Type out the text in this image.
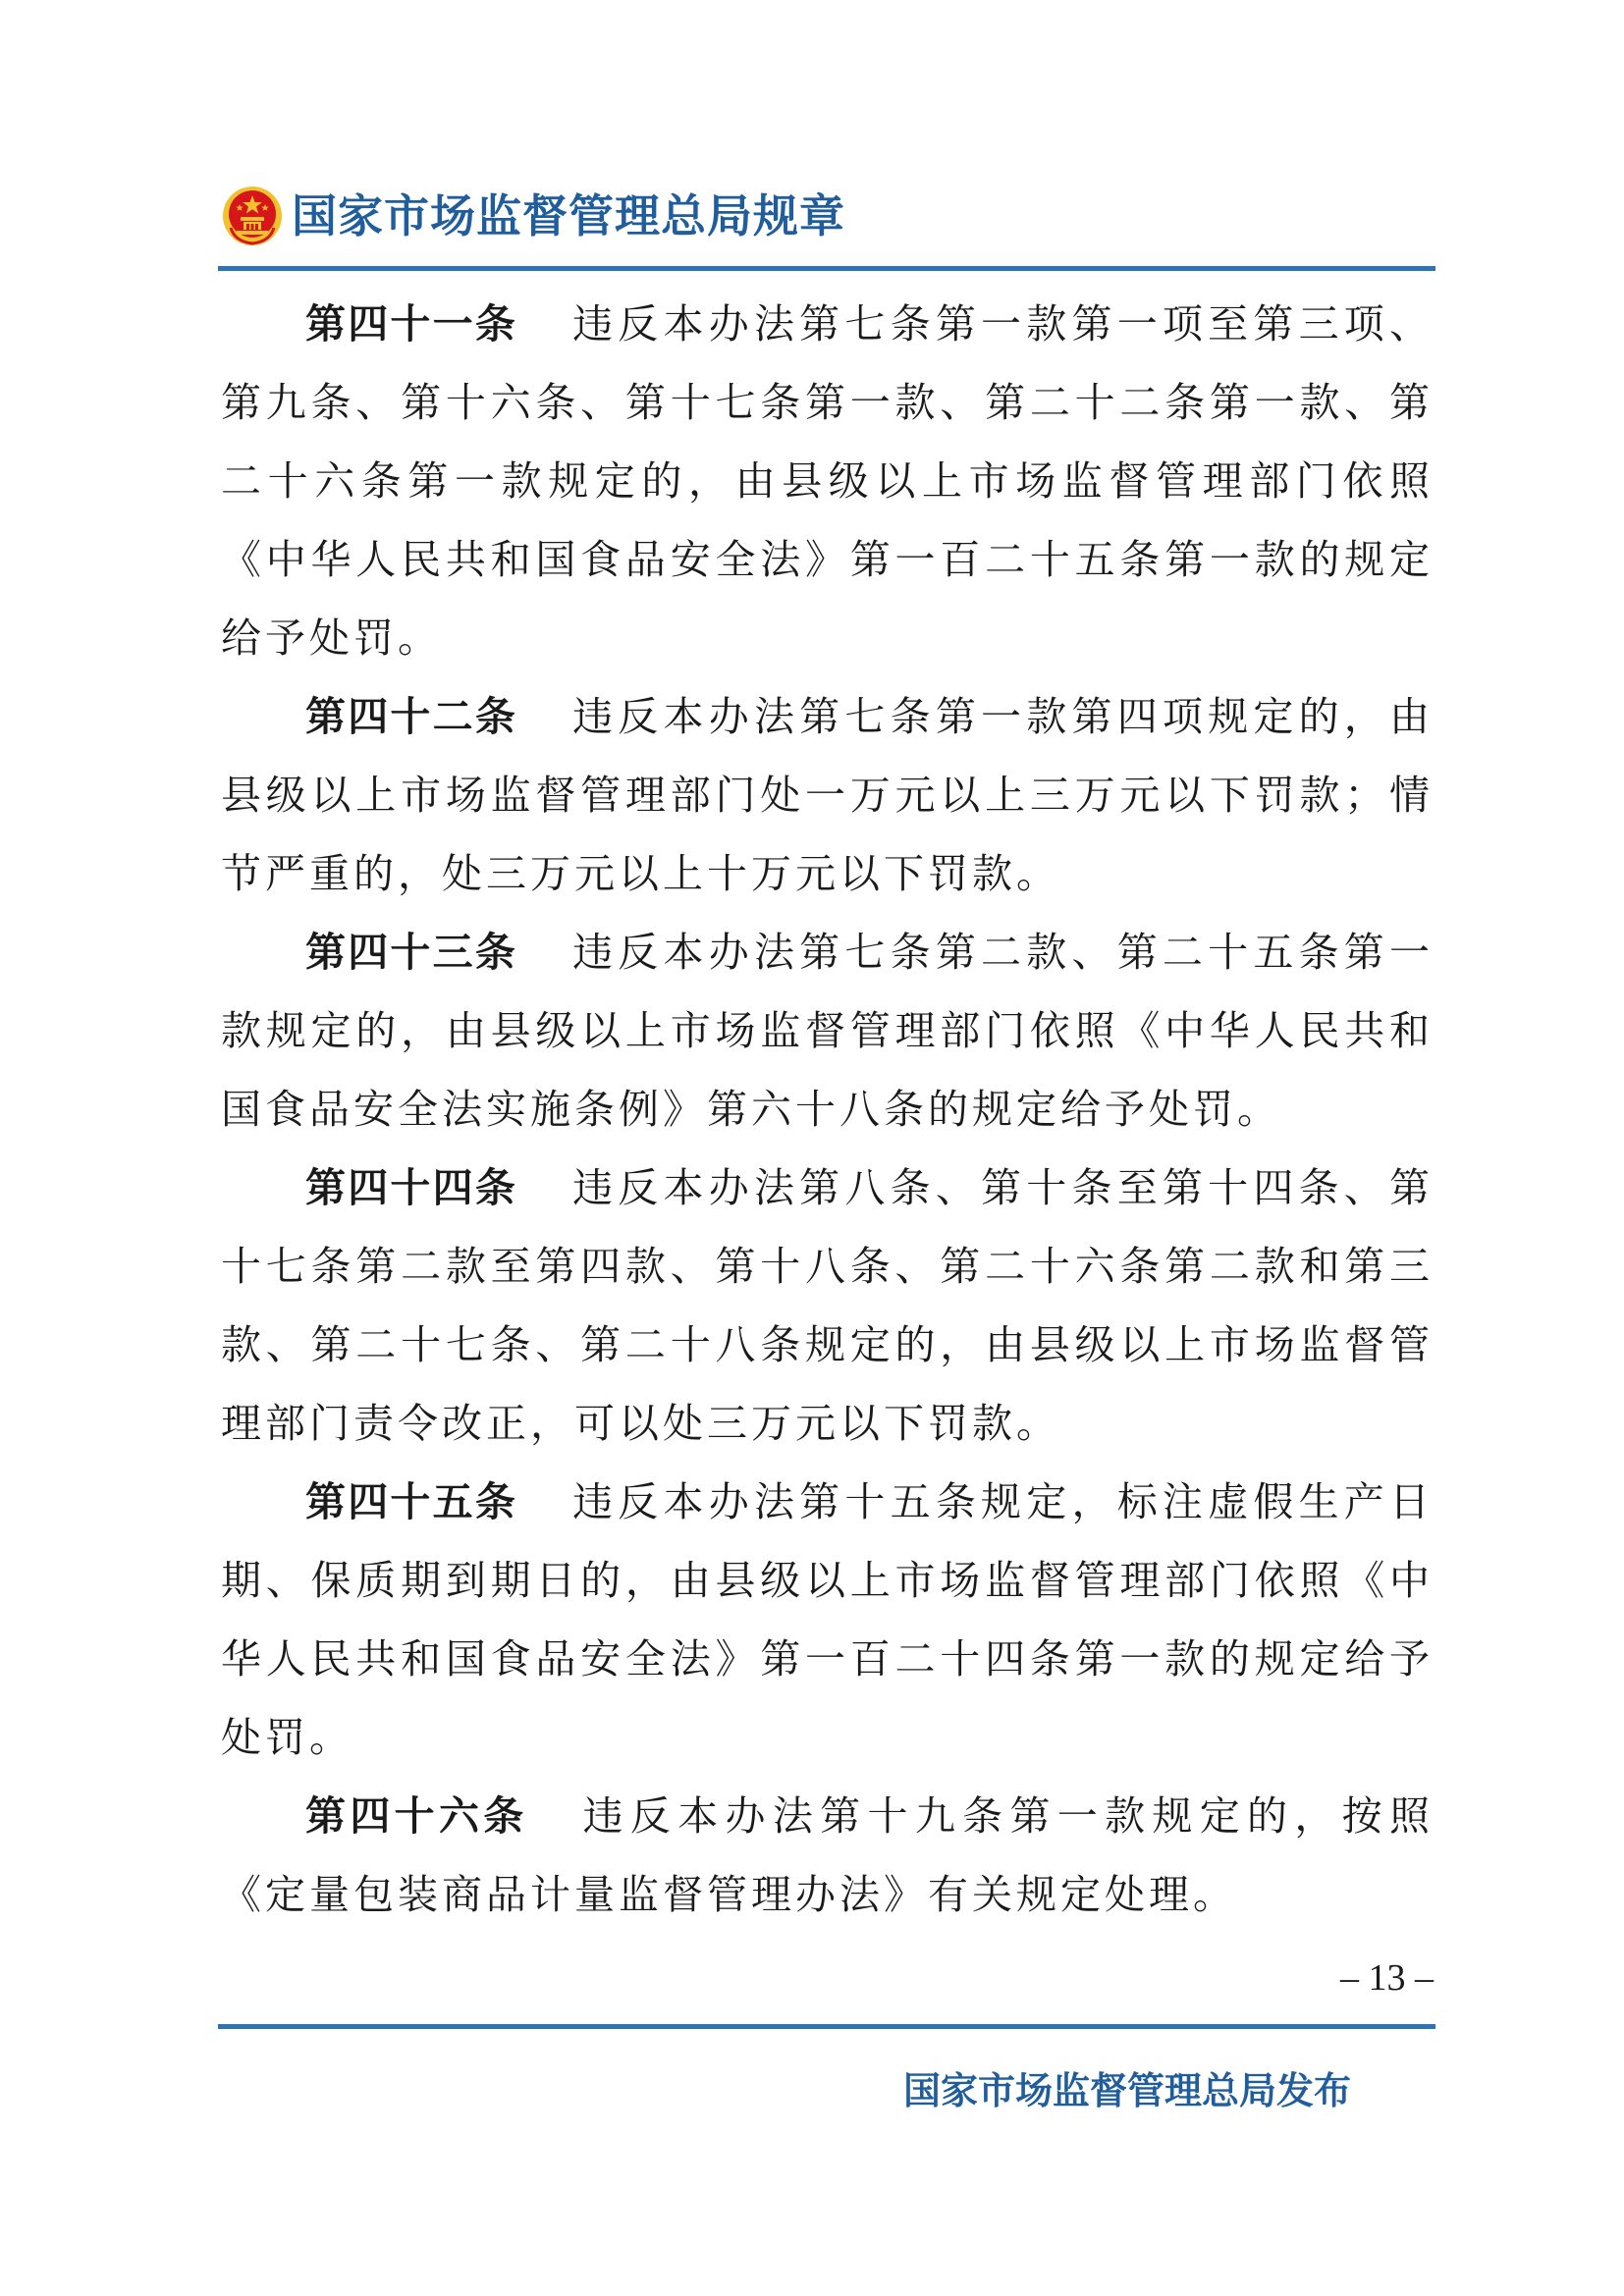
国家市场监督管理总局规章

第四十一条 违反本办法第七条第一款第一项至第三项、第九条、第十六条、第十七条第一款、第二十二条第一款、第二十六条第一款规定的，由县级以上市场监督管理部门依照《中华人民共和国食品安全法》第一百二十五条第一款的规定给予处罚。

第四十二条 违反本办法第七条第一款第四项规定的，由县级以上市场监督管理部门处一万元以上三万元以下罚款；情节严重的，处三万元以上十万元以下罚款。

第四十三条 违反本办法第七条第二款、第二十五条第一款规定的，由县级以上市场监督管理部门依照《中华人民共和国食品安全法实施条例》第六十八条的规定给予处罚。

第四十四条 违反本办法第八条、第十条至第十四条、第十七条第二款至第四款、第十八条、第二十六条第二款和第三款、第二十七条、第二十八条规定的，由县级以上市场监督管理部门责令改正，可以处三万元以下罚款。

第四十五条 违反本办法第十五条规定，标注虚假生产日期、保质期到期日的，由县级以上市场监督管理部门依照《中华人民共和国食品安全法》第一百二十四条第一款的规定给予处罚。

第四十六条 违反本办法第十九条第一款规定的，按照《定量包装商品计量监督管理办法》有关规定处理。

– 13 –
国家市场监督管理总局发布
